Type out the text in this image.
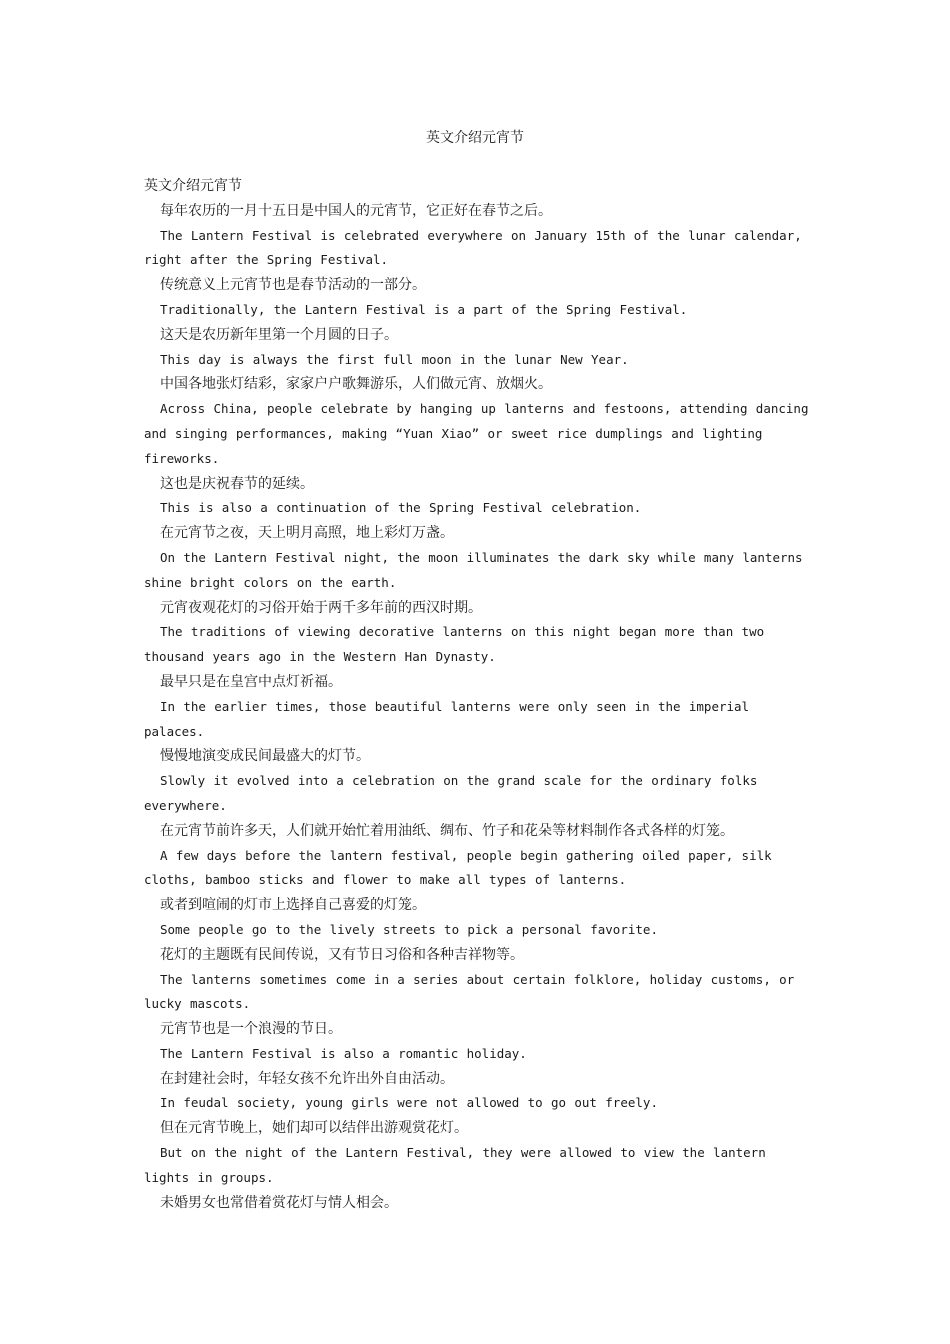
英文介绍元宵节
英文介绍元宵节
每年农历的一月十五日是中国人的元宵节，它正好在春节之后。
The Lantern Festival is celebrated everywhere on January 15th of the lunar calendar, right after the Spring Festival.
传统意义上元宵节也是春节活动的一部分。
Traditionally, the Lantern Festival is a part of the Spring Festival.
这天是农历新年里第一个月圆的日子。
This day is always the first full moon in the lunar New Year.
中国各地张灯结彩，家家户户歌舞游乐，人们做元宵、放烟火。
Across China, people celebrate by hanging up lanterns and festoons, attending dancing and singing performances, making “Yuan Xiao” or sweet rice dumplings and lighting fireworks.
这也是庆祝春节的延续。
This is also a continuation of the Spring Festival celebration.
在元宵节之夜，天上明月高照，地上彩灯万盏。
On the Lantern Festival night, the moon illuminates the dark sky while many lanterns shine bright colors on the earth.
元宵夜观花灯的习俗开始于两千多年前的西汉时期。
The traditions of viewing decorative lanterns on this night began more than two thousand years ago in the Western Han Dynasty.
最早只是在皇宫中点灯祈福。
In the earlier times, those beautiful lanterns were only seen in the imperial palaces.
慢慢地演变成民间最盛大的灯节。
Slowly it evolved into a celebration on the grand scale for the ordinary folks everywhere.
在元宵节前许多天，人们就开始忙着用油纸、绸布、竹子和花朵等材料制作各式各样的灯笼。
A few days before the lantern festival, people begin gathering oiled paper, silk cloths, bamboo sticks and flower to make all types of lanterns.
或者到喧闹的灯市上选择自己喜爱的灯笼。
Some people go to the lively streets to pick a personal favorite.
花灯的主题既有民间传说，又有节日习俗和各种吉祥物等。
The lanterns sometimes come in a series about certain folklore, holiday customs, or lucky mascots.
元宵节也是一个浪漫的节日。
The Lantern Festival is also a romantic holiday.
在封建社会时，年轻女孩不允许出外自由活动。
In feudal society, young girls were not allowed to go out freely.
但在元宵节晚上，她们却可以结伴出游观赏花灯。
But on the night of the Lantern Festival, they were allowed to view the lantern lights in groups.
未婚男女也常借着赏花灯与情人相会。
